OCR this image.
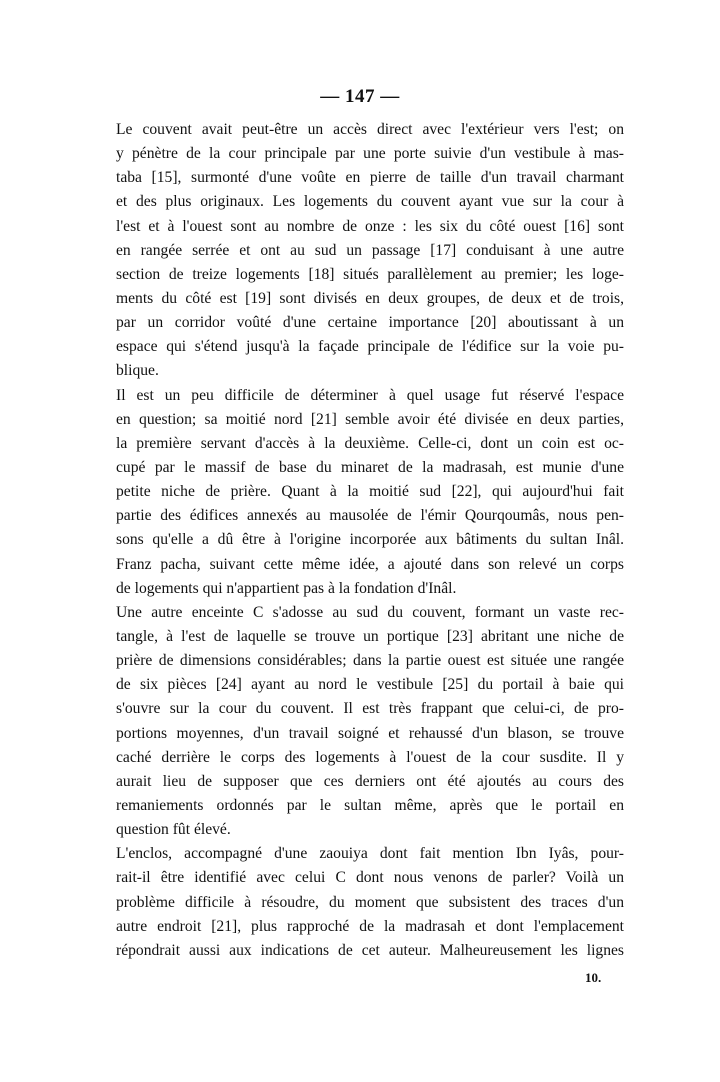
— 147 —
Le couvent avait peut-être un accès direct avec l'extérieur vers l'est; on
y pénètre de la cour principale par une porte suivie d'un vestibule à mas-
taba [15], surmonté d'une voûte en pierre de taille d'un travail charmant
et des plus originaux. Les logements du couvent ayant vue sur la cour à
l'est et à l'ouest sont au nombre de onze : les six du côté ouest [16] sont
en rangée serrée et ont au sud un passage [17] conduisant à une autre
section de treize logements [18] situés parallèlement au premier; les loge-
ments du côté est [19] sont divisés en deux groupes, de deux et de trois,
par un corridor voûté d'une certaine importance [20] aboutissant à un
espace qui s'étend jusqu'à la façade principale de l'édifice sur la voie pu-
blique.
Il est un peu difficile de déterminer à quel usage fut réservé l'espace
en question; sa moitié nord [21] semble avoir été divisée en deux parties,
la première servant d'accès à la deuxième. Celle-ci, dont un coin est oc-
cupé par le massif de base du minaret de la madrasah, est munie d'une
petite niche de prière. Quant à la moitié sud [22], qui aujourd'hui fait
partie des édifices annexés au mausolée de l'émir Qourqoumâs, nous pen-
sons qu'elle a dû être à l'origine incorporée aux bâtiments du sultan Inâl.
Franz pacha, suivant cette même idée, a ajouté dans son relevé un corps
de logements qui n'appartient pas à la fondation d'Inâl.
Une autre enceinte C s'adosse au sud du couvent, formant un vaste rec-
tangle, à l'est de laquelle se trouve un portique [23] abritant une niche de
prière de dimensions considérables; dans la partie ouest est située une rangée
de six pièces [24] ayant au nord le vestibule [25] du portail à baie qui
s'ouvre sur la cour du couvent. Il est très frappant que celui-ci, de pro-
portions moyennes, d'un travail soigné et rehaussé d'un blason, se trouve
caché derrière le corps des logements à l'ouest de la cour susdite. Il y
aurait lieu de supposer que ces derniers ont été ajoutés au cours des
remaniements ordonnés par le sultan même, après que le portail en
question fût élevé.
L'enclos, accompagné d'une zaouiya dont fait mention Ibn Iyâs, pour-
rait-il être identifié avec celui C dont nous venons de parler? Voilà un
problème difficile à résoudre, du moment que subsistent des traces d'un
autre endroit [21], plus rapproché de la madrasah et dont l'emplacement
répondrait aussi aux indications de cet auteur. Malheureusement les lignes
10.
